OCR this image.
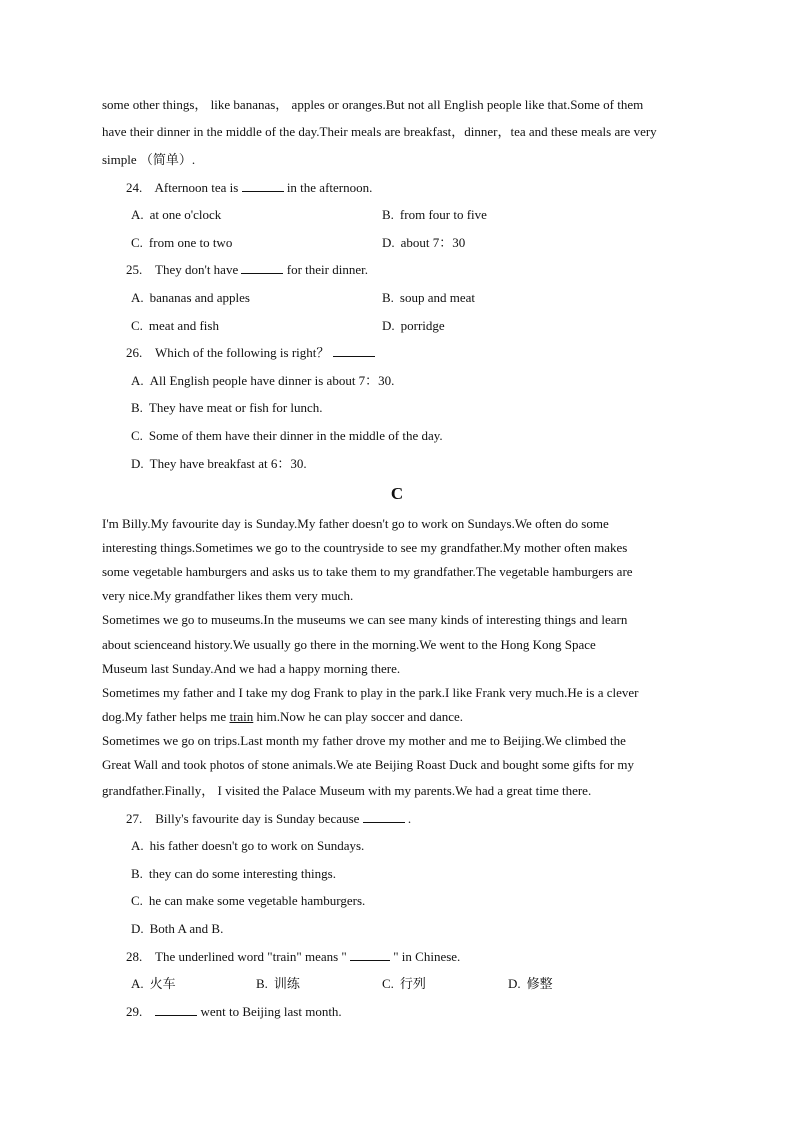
some other things， like bananas， apples or oranges.But not all English people like that.Some of them
have their dinner in the middle of the day.Their meals are breakfast，dinner，tea and these meals are very
simple （简单）.
24. Afternoon tea is	in the afternoon.
A. at one o'clock	B. from four to five
C. from one to two	D. about 7：30
25. They don't have	for their dinner.
A. bananas and apples	B. soup and meat
C. meat and fish	D. porridge
26. Which of the following is right？
A. All English people have dinner is about 7：30.
B. They have meat or fish for lunch.
C. Some of them have their dinner in the middle of the day.
D. They have breakfast at 6：30.
C
I'm Billy.My favourite day is Sunday.My father doesn't go to work on Sundays.We often do some
interesting things.Sometimes we go to the countryside to see my grandfather.My mother often makes
some vegetable hamburgers and asks us to take them to my grandfather.The vegetable hamburgers are
very nice.My grandfather likes them very much.
Sometimes we go to museums.In the museums we can see many kinds of interesting things and learn
about scienceand history.We usually go there in the morning.We went to the Hong Kong Space
Museum last Sunday.And we had a happy morning there.
Sometimes my father and I take my dog Frank to play in the park.I like Frank very much.He is a clever
dog.My father helps me train him.Now he can play soccer and dance.
Sometimes we go on trips.Last month my father drove my mother and me to Beijing.We climbed the
Great Wall and took photos of stone animals.We ate Beijing Roast Duck and bought some gifts for my
grandfather.Finally， I visited the Palace Museum with my parents.We had a great time there.
27. Billy's favourite day is Sunday because	.
A. his father doesn't go to work on Sundays.
B. they can do some interesting things.
C. he can make some vegetable hamburgers.
D. Both A and B.
28. The underlined word "train" means "	" in Chinese.
A. 火车	B. 训练	C. 行列	D. 修整
29.	went to Beijing last month.
